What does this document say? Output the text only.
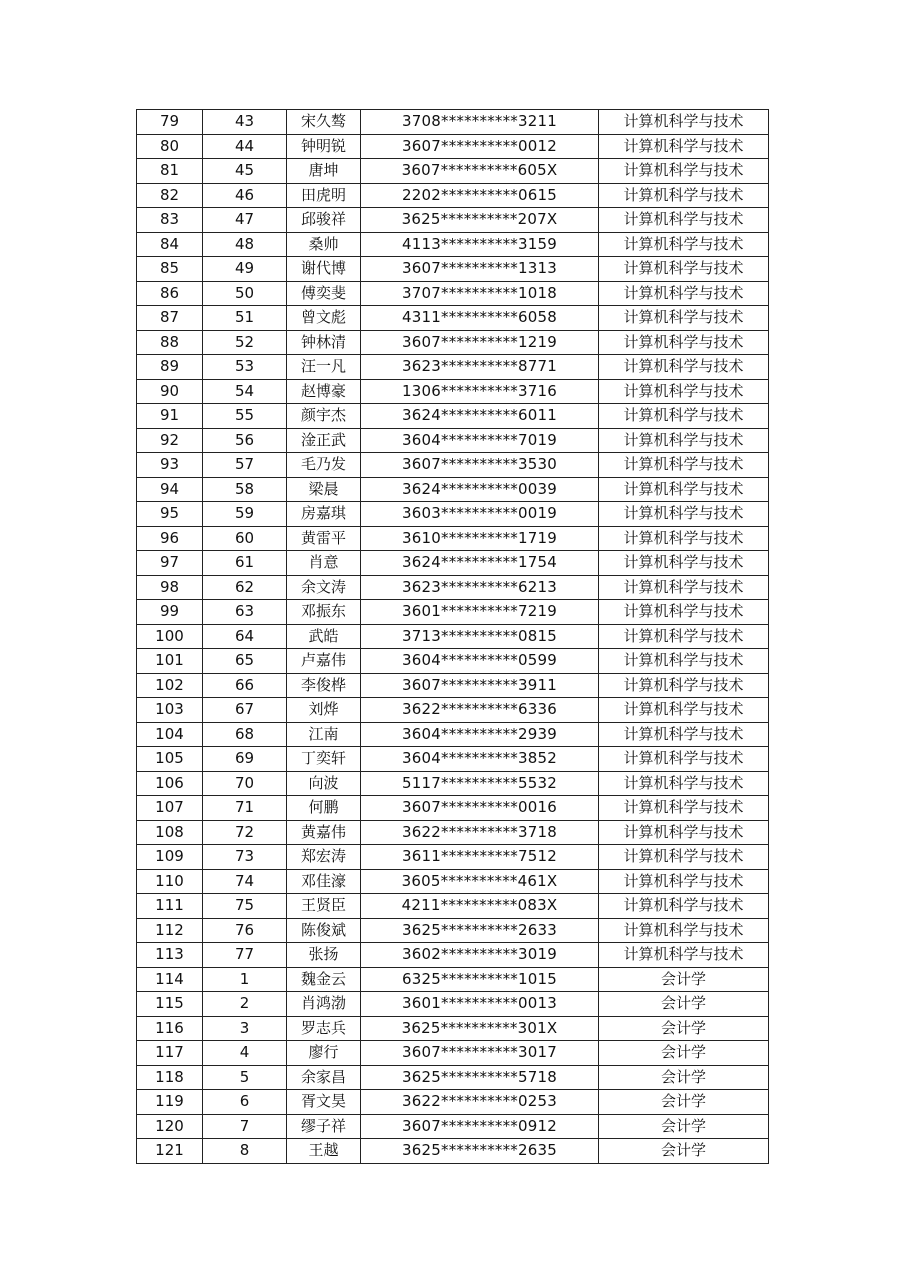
79	43	宋久骜	3708**********3211	计算机科学与技术
80	44	钟明锐	3607**********0012	计算机科学与技术
81	45	唐坤	3607**********605X	计算机科学与技术
82	46	田虎明	2202**********0615	计算机科学与技术
83	47	邱骏祥	3625**********207X	计算机科学与技术
84	48	桑帅	4113**********3159	计算机科学与技术
85	49	谢代博	3607**********1313	计算机科学与技术
86	50	傅奕斐	3707**********1018	计算机科学与技术
87	51	曾文彪	4311**********6058	计算机科学与技术
88	52	钟林清	3607**********1219	计算机科学与技术
89	53	汪一凡	3623**********8771	计算机科学与技术
90	54	赵博豪	1306**********3716	计算机科学与技术
91	55	颜宇杰	3624**********6011	计算机科学与技术
92	56	淦正武	3604**********7019	计算机科学与技术
93	57	毛乃发	3607**********3530	计算机科学与技术
94	58	梁晨	3624**********0039	计算机科学与技术
95	59	房嘉琪	3603**********0019	计算机科学与技术
96	60	黄雷平	3610**********1719	计算机科学与技术
97	61	肖意	3624**********1754	计算机科学与技术
98	62	余文涛	3623**********6213	计算机科学与技术
99	63	邓振东	3601**********7219	计算机科学与技术
100	64	武皓	3713**********0815	计算机科学与技术
101	65	卢嘉伟	3604**********0599	计算机科学与技术
102	66	李俊桦	3607**********3911	计算机科学与技术
103	67	刘烨	3622**********6336	计算机科学与技术
104	68	江南	3604**********2939	计算机科学与技术
105	69	丁奕轩	3604**********3852	计算机科学与技术
106	70	向波	5117**********5532	计算机科学与技术
107	71	何鹏	3607**********0016	计算机科学与技术
108	72	黄嘉伟	3622**********3718	计算机科学与技术
109	73	郑宏涛	3611**********7512	计算机科学与技术
110	74	邓佳濠	3605**********461X	计算机科学与技术
111	75	王贤臣	4211**********083X	计算机科学与技术
112	76	陈俊斌	3625**********2633	计算机科学与技术
113	77	张扬	3602**********3019	计算机科学与技术
114	1	魏金云	6325**********1015	会计学
115	2	肖鸿渤	3601**********0013	会计学
116	3	罗志兵	3625**********301X	会计学
117	4	廖行	3607**********3017	会计学
118	5	余家昌	3625**********5718	会计学
119	6	胥文昊	3622**********0253	会计学
120	7	缪子祥	3607**********0912	会计学
121	8	王越	3625**********2635	会计学
